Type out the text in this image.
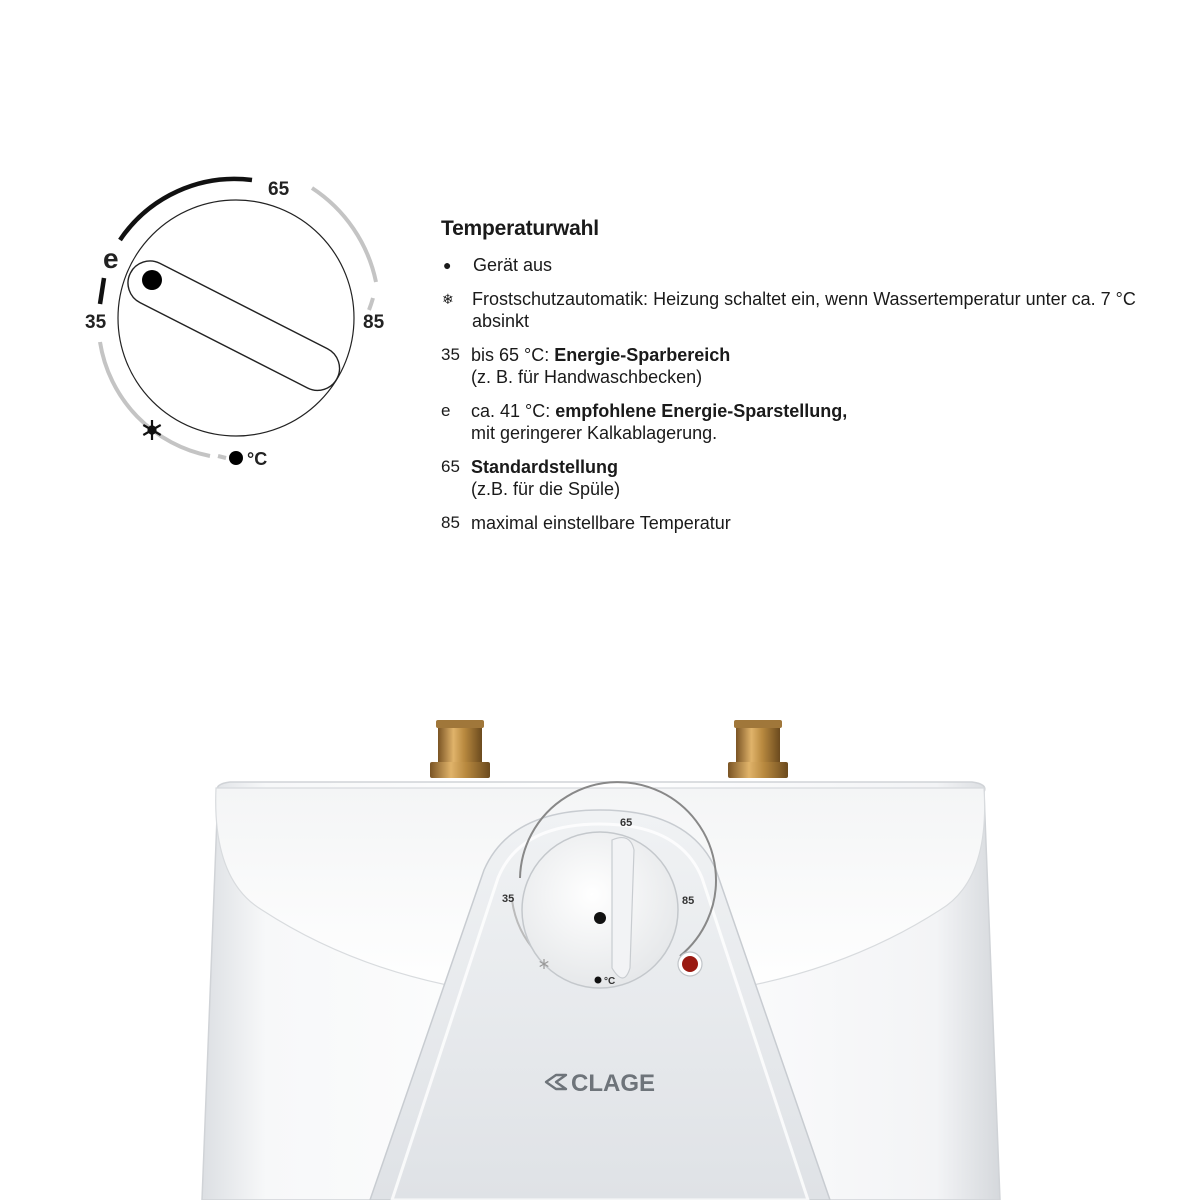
65
85
35
e
°C
Temperaturwahl
●	Gerät aus
❄	Frostschutzautomatik: Heizung schaltet ein, wenn Wassertemperatur unter ca. 7 °C absinkt
35 bis 65 °C: Energie-Sparbereich
(z. B. für Handwaschbecken)
e	ca. 41 °C: empfohlene Energie-Sparstellung,
mit geringerer Kalkablagerung.
65 Standardstellung
(z.B. für die Spüle)
85 maximal einstellbare Temperatur
65
85
35
°C
CLAGE
